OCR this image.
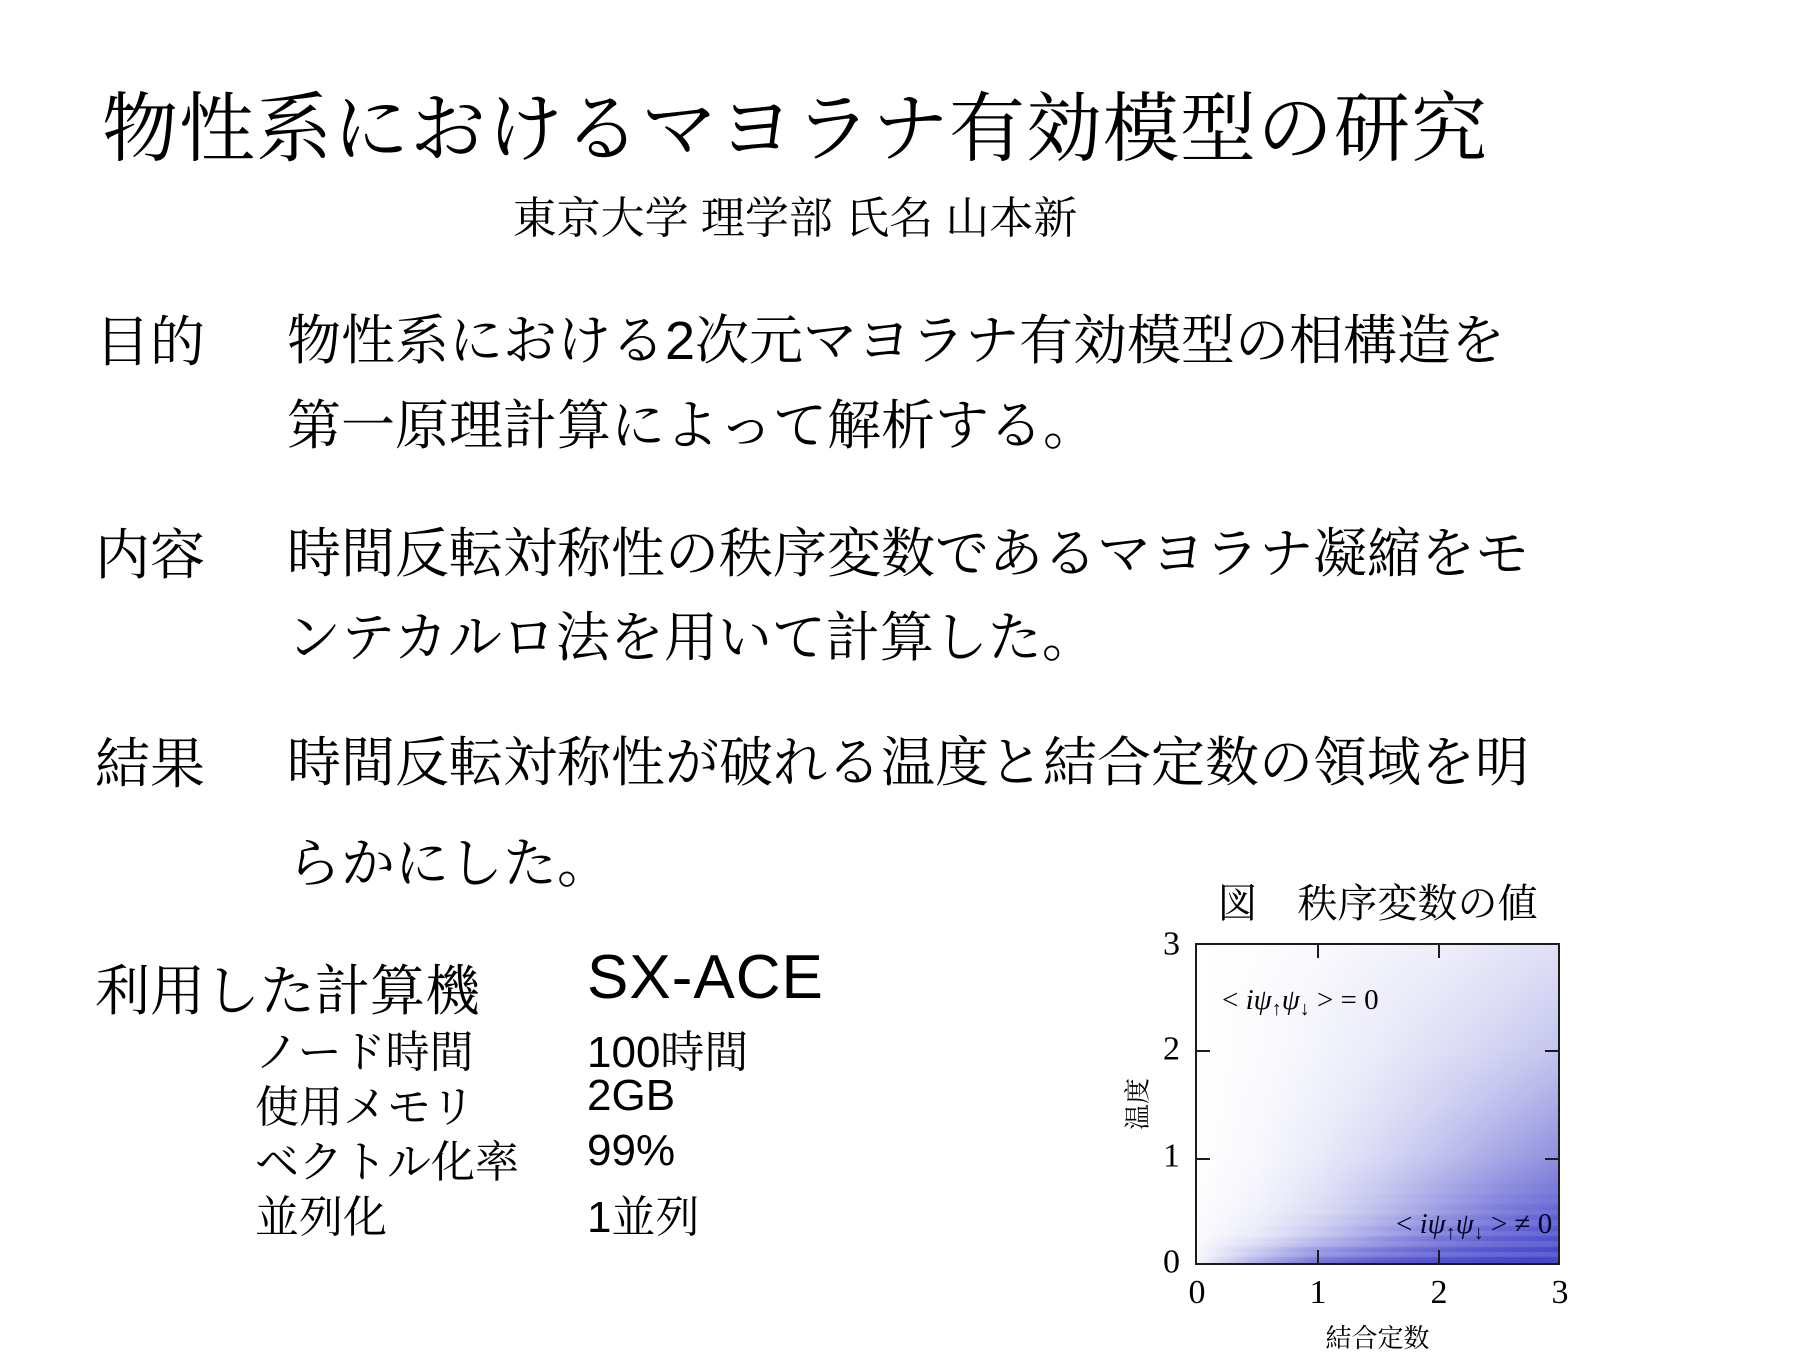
物性系におけるマヨラナ有効模型の研究
東京大学 理学部 氏名 山本新
目的 物性系における2次元マヨラナ有効模型の相構造を
第一原理計算によって解析する。
内容 時間反転対称性の秩序変数であるマヨラナ凝縮をモ
ンテカルロ法を用いて計算した。
結果 時間反転対称性が破れる温度と結合定数の領域を明
らかにした。
利用した計算機 SX-ACE
ノード時間	100時間
使用メモリ	2GB
ベクトル化率 99%
並列化	1並列
図　秩序変数の値
3
2
1
0
0	1	2	3
温度
結合定数
< $i\psi_↑\psi_↓$ > = 0
< $i\psi_↑\psi_↓$ > ≠ 0
